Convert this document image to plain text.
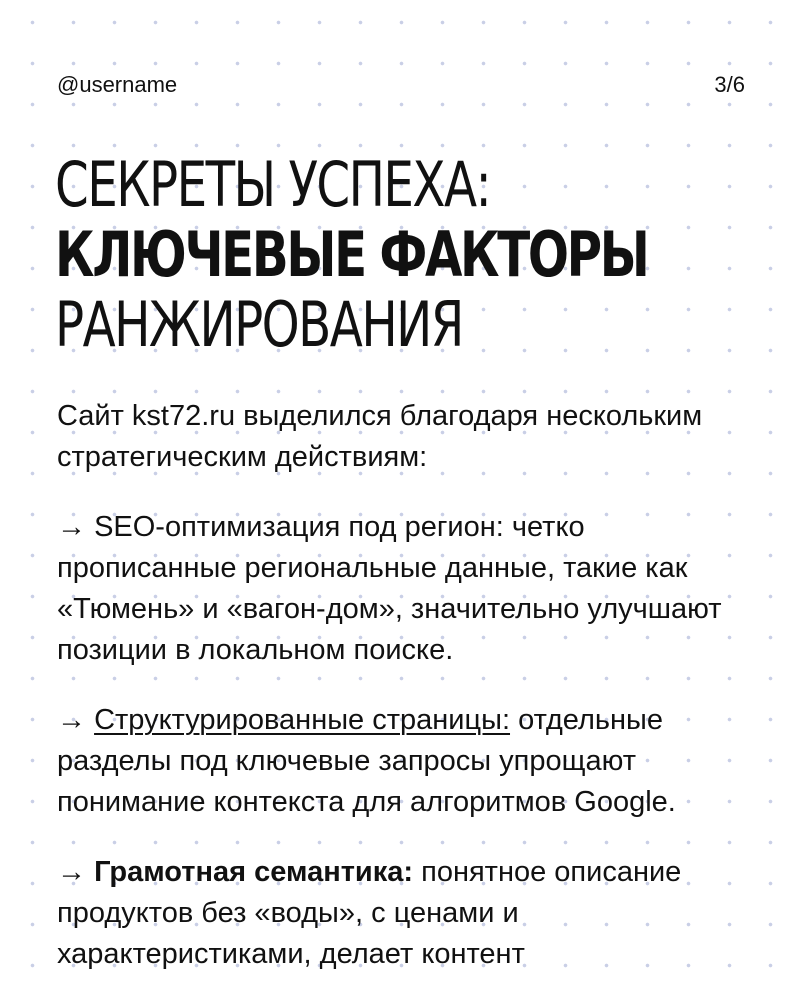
@username	3/6
СЕКРЕТЫ УСПЕХА:
КЛЮЧЕВЫЕ ФАКТОРЫ
РАНЖИРОВАНИЯ

Сайт kst72.ru выделился благодаря нескольким стратегическим действиям:

→ SEO-оптимизация под регион: четко прописанные региональные данные, такие как «Тюмень» и «вагон-дом», значительно улучшают позиции в локальном поиске.

→ Структурированные страницы: отдельные разделы под ключевые запросы упрощают понимание контекста для алгоритмов Google.

→ Грамотная семантика: понятное описание продуктов без «воды», с ценами и характеристиками, делает контент
